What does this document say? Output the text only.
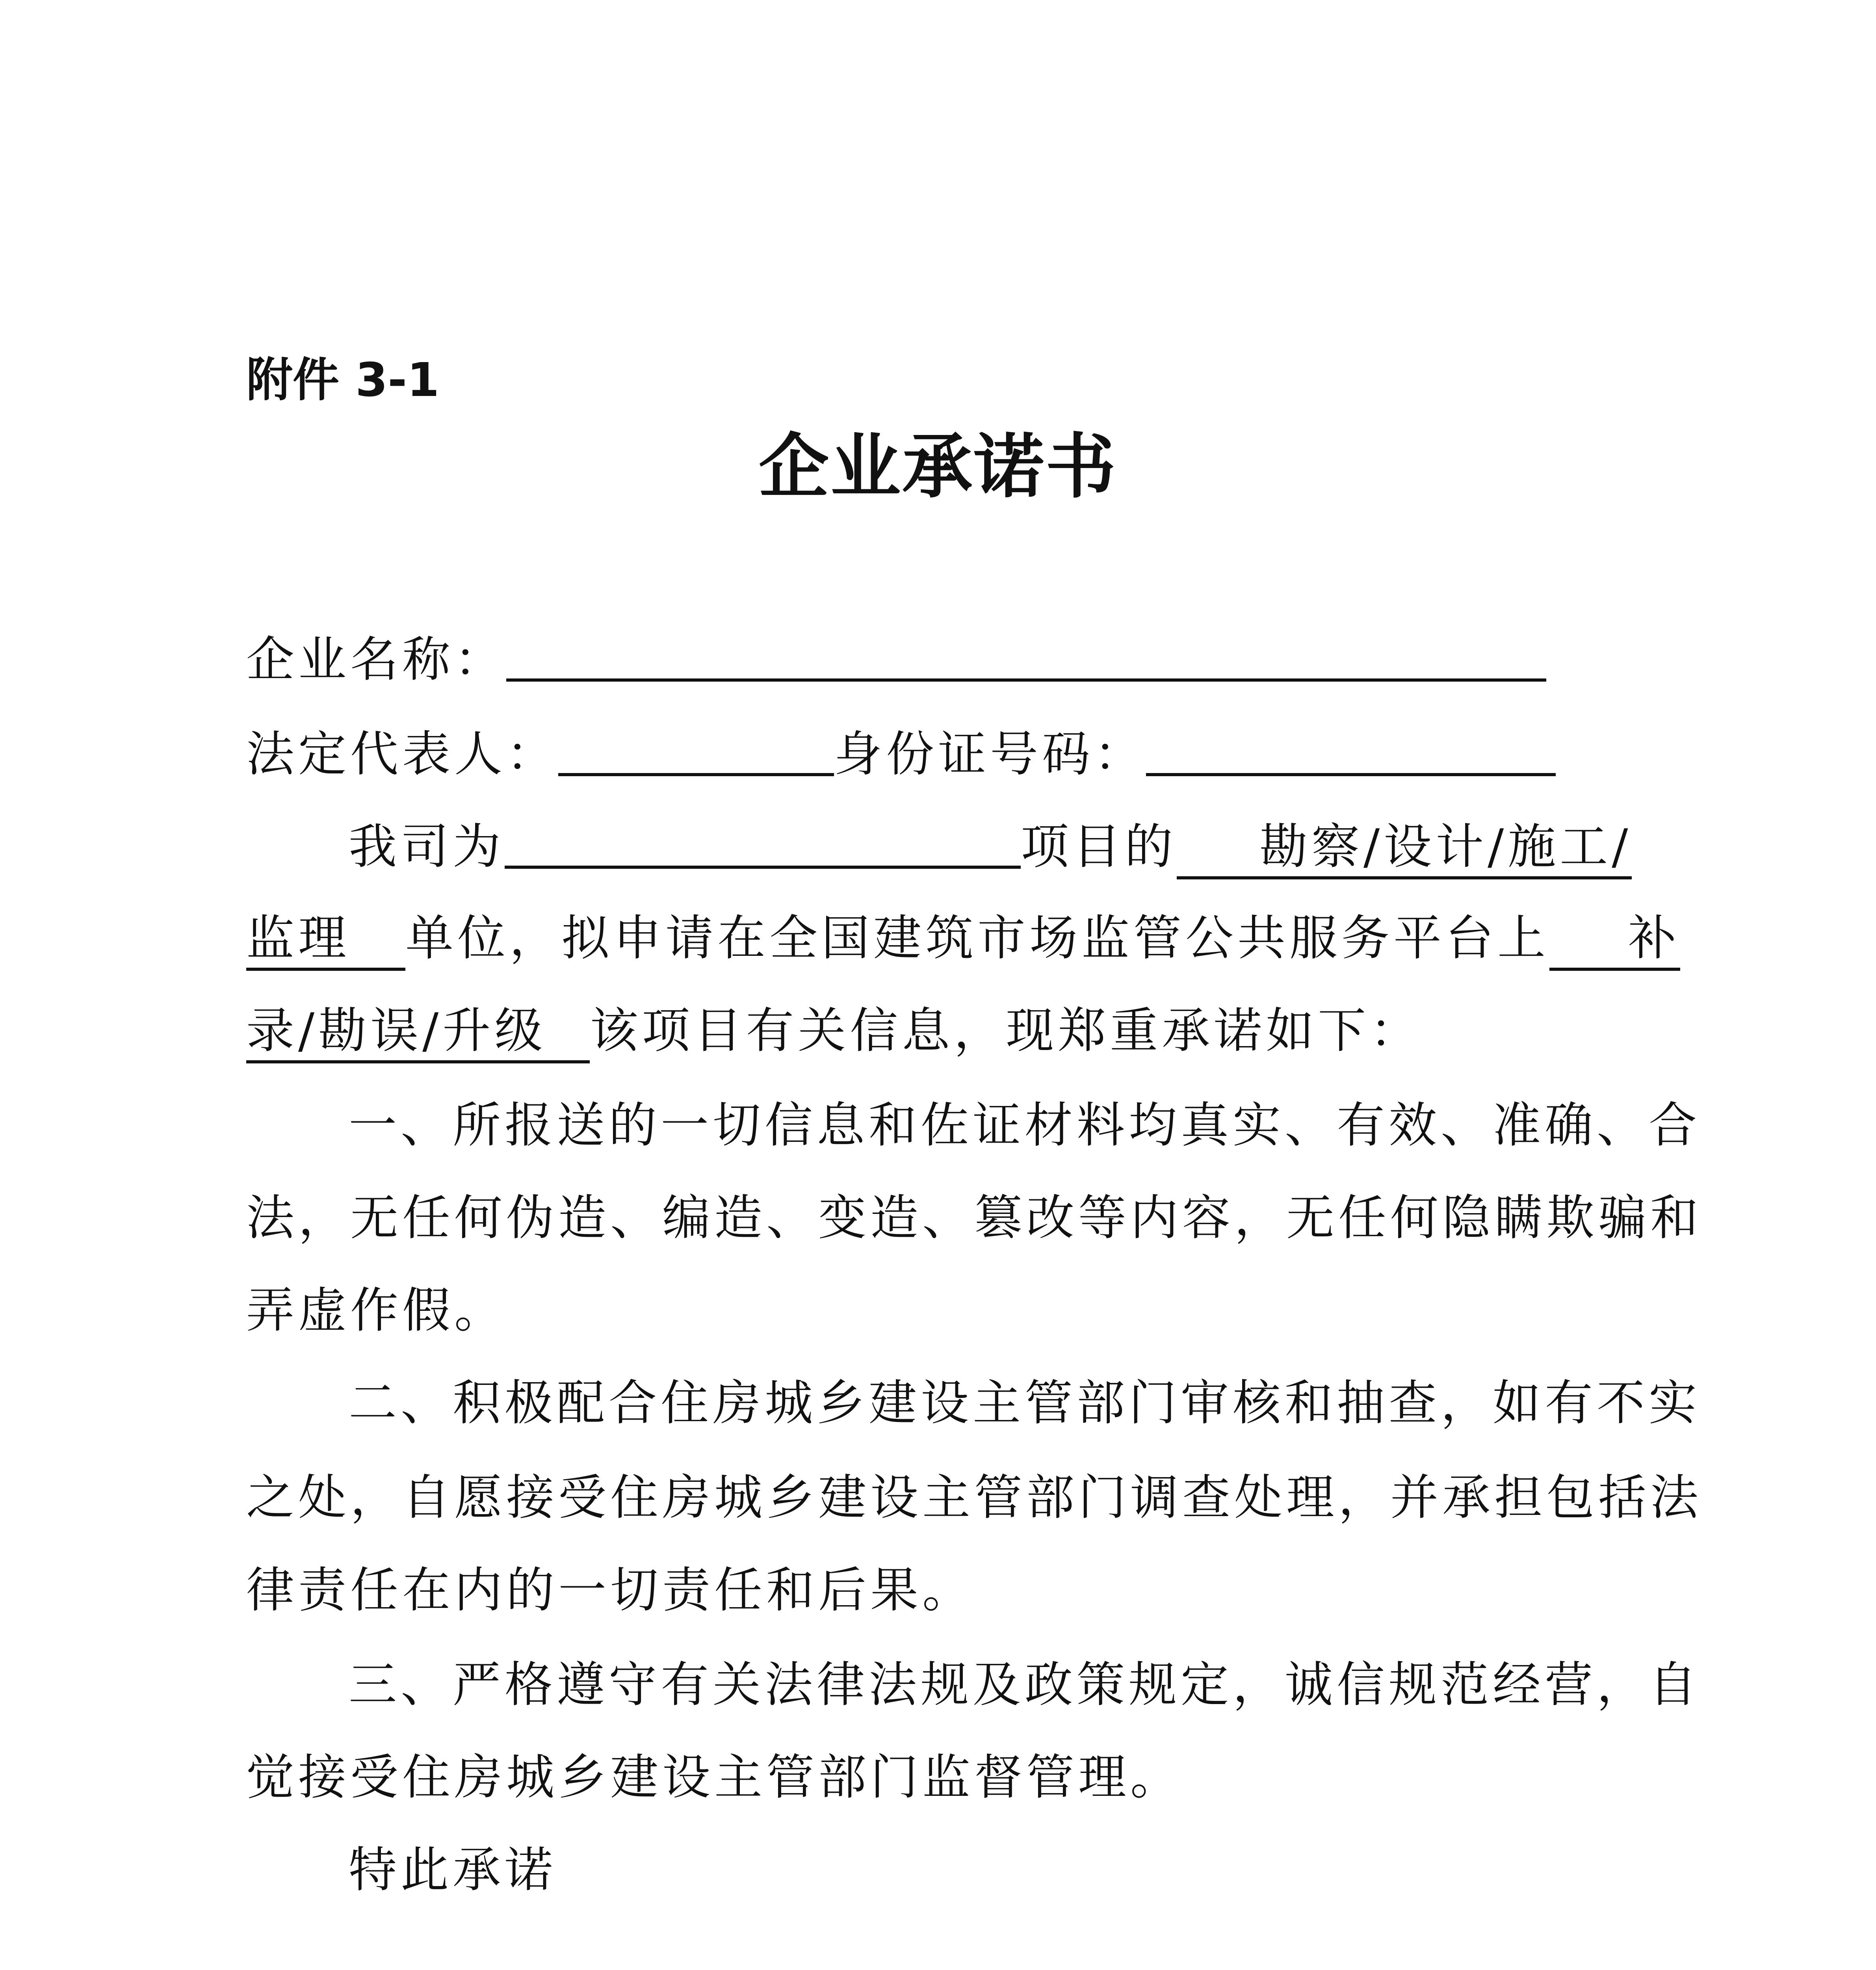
附件 3-1
企业承诺书
企业名称：
法定代表人：	身份证号码：
我司为	项目的 勘察/设计/施工/
监理 单位，拟申请在全国建筑市场监管公共服务平台上 补
录/勘误/升级 该项目有关信息，现郑重承诺如下：
一、所报送的一切信息和佐证材料均真实、有效、准确、合
法，无任何伪造、编造、变造、篡改等内容，无任何隐瞒欺骗和
弄虚作假。
二、积极配合住房城乡建设主管部门审核和抽查，如有不实
之处，自愿接受住房城乡建设主管部门调查处理，并承担包括法
律责任在内的一切责任和后果。
三、严格遵守有关法律法规及政策规定，诚信规范经营，自
觉接受住房城乡建设主管部门监督管理。
特此承诺
